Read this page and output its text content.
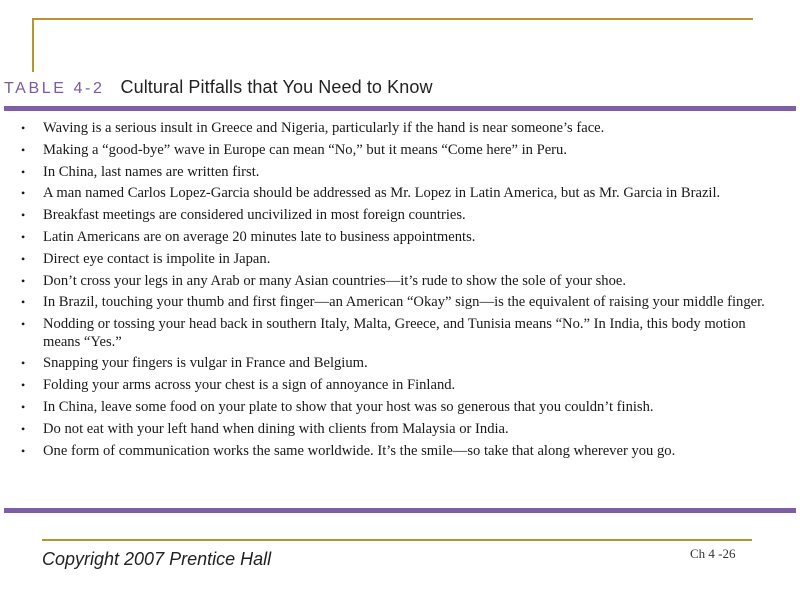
TABLE 4-2 Cultural Pitfalls that You Need to Know
• Waving is a serious insult in Greece and Nigeria, particularly if the hand is near someone’s face.
• Making a “good-bye” wave in Europe can mean “No,” but it means “Come here” in Peru.
• In China, last names are written first.
• A man named Carlos Lopez-Garcia should be addressed as Mr. Lopez in Latin America, but as Mr. Garcia in Brazil.
• Breakfast meetings are considered uncivilized in most foreign countries.
• Latin Americans are on average 20 minutes late to business appointments.
• Direct eye contact is impolite in Japan.
• Don’t cross your legs in any Arab or many Asian countries—it’s rude to show the sole of your shoe.
• In Brazil, touching your thumb and first finger—an American “Okay” sign—is the equivalent of raising your middle finger.
• Nodding or tossing your head back in southern Italy, Malta, Greece, and Tunisia means “No.” In India, this body motion means “Yes.”
• Snapping your fingers is vulgar in France and Belgium.
• Folding your arms across your chest is a sign of annoyance in Finland.
• In China, leave some food on your plate to show that your host was so generous that you couldn’t finish.
• Do not eat with your left hand when dining with clients from Malaysia or India.
• One form of communication works the same worldwide. It’s the smile—so take that along wherever you go.
Copyright 2007 Prentice Hall	Ch 4 -26
